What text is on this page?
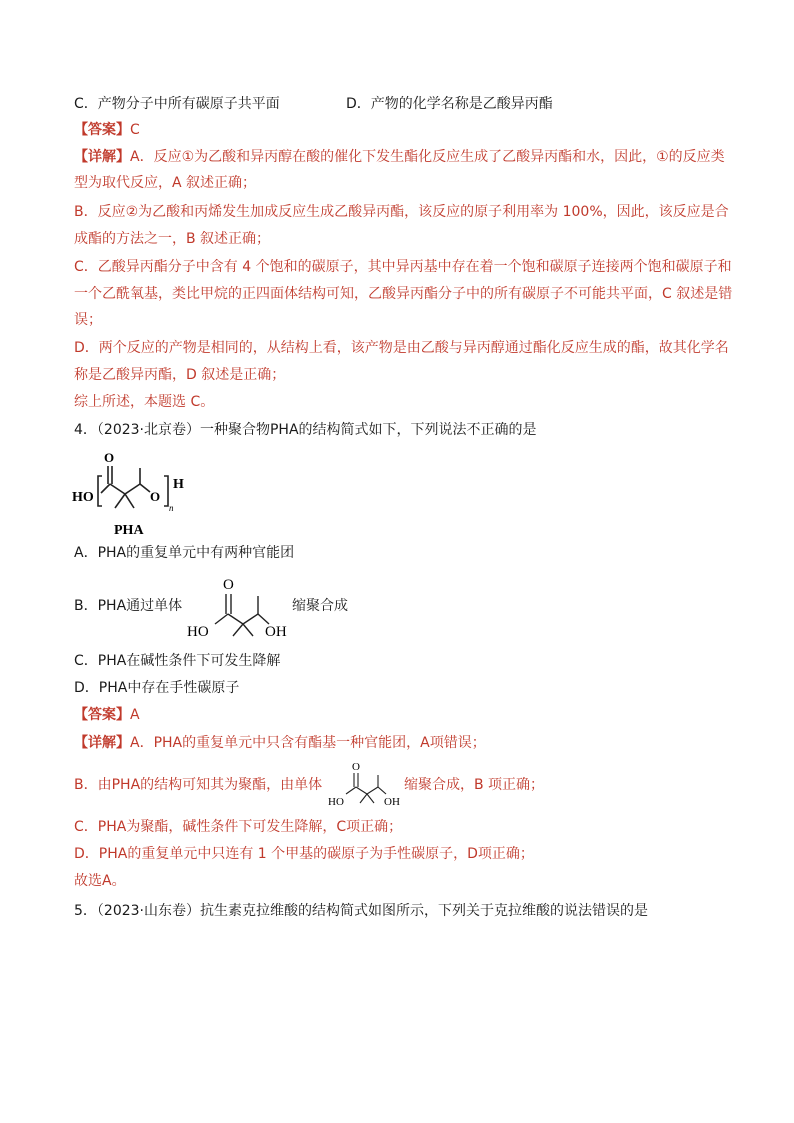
C．产物分子中所有碳原子共平面	D．产物的化学名称是乙酸异丙酯
【答案】C
【详解】A．反应①为乙酸和异丙醇在酸的催化下发生酯化反应生成了乙酸异丙酯和水，因此，①的反应类
型为取代反应，A 叙述正确；
B．反应②为乙酸和丙烯发生加成反应生成乙酸异丙酯，该反应的原子利用率为 100%，因此，该反应是合
成酯的方法之一，B 叙述正确；
C．乙酸异丙酯分子中含有 4 个饱和的碳原子，其中异丙基中存在着一个饱和碳原子连接两个饱和碳原子和
一个乙酰氧基，类比甲烷的正四面体结构可知，乙酸异丙酯分子中的所有碳原子不可能共平面，C 叙述是错
误；
D．两个反应的产物是相同的，从结构上看，该产物是由乙酸与异丙醇通过酯化反应生成的酯，故其化学名
称是乙酸异丙酯，D 叙述是正确；
综上所述，本题选 C。
4．（2023·北京卷）一种聚合物PHA的结构简式如下，下列说法不正确的是
HO
O
O
n
H
PHA
A．PHA的重复单元中有两种官能团
B．PHA通过单体	缩聚合成
O
HO	OH
C．PHA在碱性条件下可发生降解
D．PHA中存在手性碳原子
【答案】A
【详解】A．PHA的重复单元中只含有酯基一种官能团，A项错误；
B．由PHA的结构可知其为聚酯，由单体	缩聚合成，B 项正确；
O
HO	OH
C．PHA为聚酯，碱性条件下可发生降解，C项正确；
D．PHA的重复单元中只连有 1 个甲基的碳原子为手性碳原子，D项正确；
故选A。
5．（2023·山东卷）抗生素克拉维酸的结构简式如图所示，下列关于克拉维酸的说法错误的是
